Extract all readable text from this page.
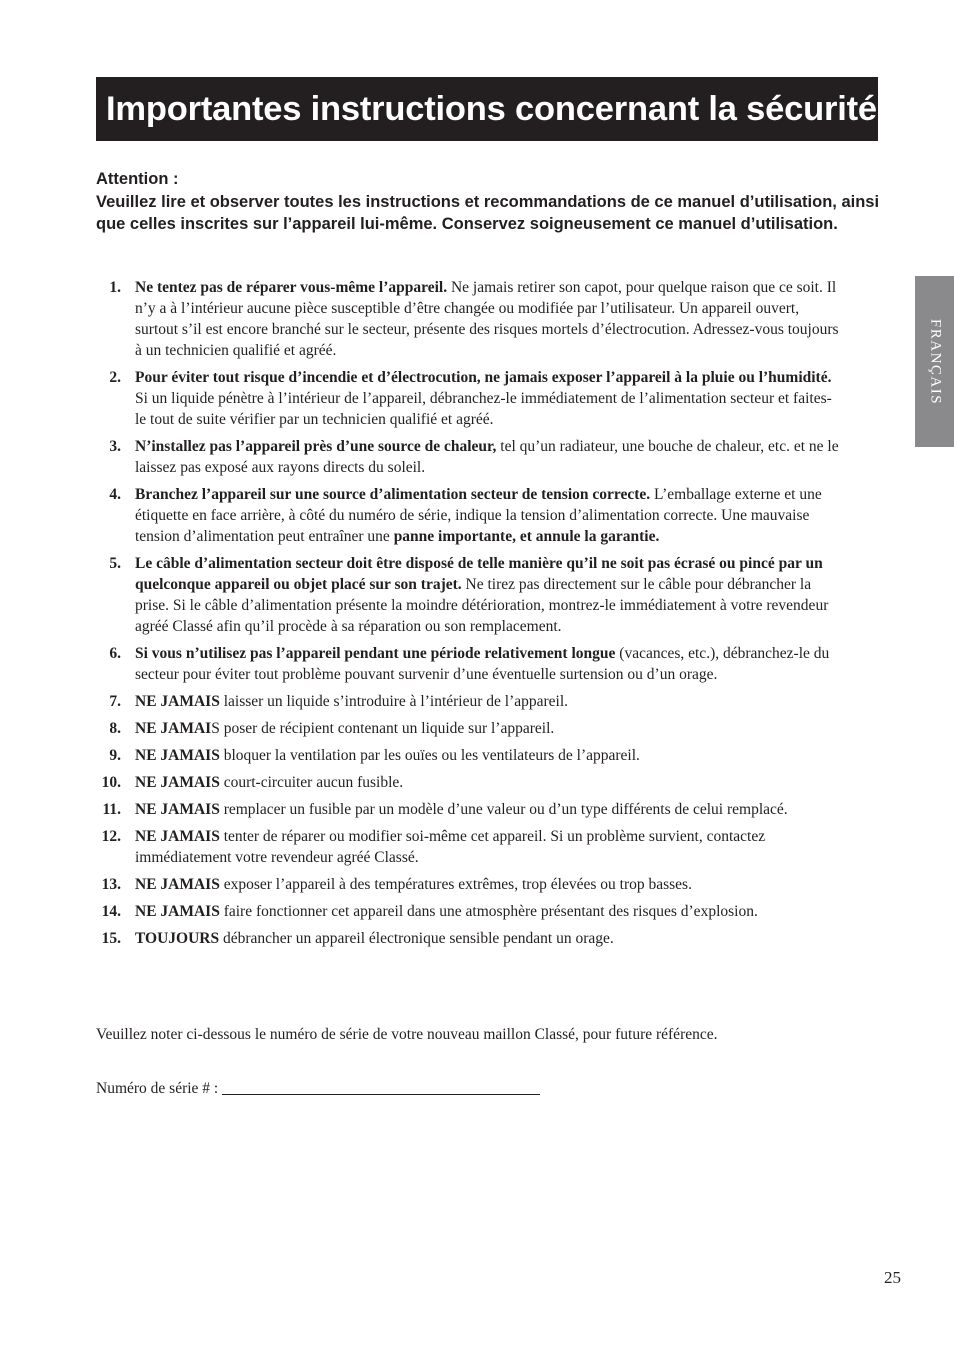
Importantes instructions concernant la sécurité
FRANÇAIS

Attention :

Veuillez lire et observer toutes les instructions et recommandations de ce manuel d’utilisation, ainsi que celles inscrites sur l’appareil lui-même. Conservez soigneusement ce manuel d’utilisation.

1. Ne tentez pas de réparer vous-même l’appareil. Ne jamais retirer son capot, pour quelque raison que ce soit. Il n’y a à l’intérieur aucune pièce susceptible d’être changée ou modifiée par l’utilisateur. Un appareil ouvert, surtout s’il est encore branché sur le secteur, présente des risques mortels d’électrocution. Adressez-vous toujours à un technicien qualifié et agréé.
2. Pour éviter tout risque d’incendie et d’électrocution, ne jamais exposer l’appareil à la pluie ou l’humidité. Si un liquide pénètre à l’intérieur de l’appareil, débranchez-le immédiatement de l’alimentation secteur et faites-le tout de suite vérifier par un technicien qualifié et agréé.
3. N’installez pas l’appareil près d’une source de chaleur, tel qu’un radiateur, une bouche de chaleur, etc. et ne le laissez pas exposé aux rayons directs du soleil.
4. Branchez l’appareil sur une source d’alimentation secteur de tension correcte. L’emballage externe et une étiquette en face arrière, à côté du numéro de série, indique la tension d’alimentation correcte. Une mauvaise tension d’alimentation peut entraîner une panne importante, et annule la garantie.
5. Le câble d’alimentation secteur doit être disposé de telle manière qu’il ne soit pas écrasé ou pincé par un quelconque appareil ou objet placé sur son trajet. Ne tirez pas directement sur le câble pour débrancher la prise. Si le câble d’alimentation présente la moindre détérioration, montrez-le immédiatement à votre revendeur agréé Classé afin qu’il procède à sa réparation ou son remplacement.
6. Si vous n’utilisez pas l’appareil pendant une période relativement longue (vacances, etc.), débranchez-le du secteur pour éviter tout problème pouvant survenir d’une éventuelle surtension ou d’un orage.
7. NE JAMAIS laisser un liquide s’introduire à l’intérieur de l’appareil.
8. NE JAMAIS poser de récipient contenant un liquide sur l’appareil.
9. NE JAMAIS bloquer la ventilation par les ouïes ou les ventilateurs de l’appareil.
10. NE JAMAIS court-circuiter aucun fusible.
11. NE JAMAIS remplacer un fusible par un modèle d’une valeur ou d’un type différents de celui remplacé.
12. NE JAMAIS tenter de réparer ou modifier soi-même cet appareil. Si un problème survient, contactez immédiatement votre revendeur agréé Classé.
13. NE JAMAIS exposer l’appareil à des températures extrêmes, trop élevées ou trop basses.
14. NE JAMAIS faire fonctionner cet appareil dans une atmosphère présentant des risques d’explosion.
15. TOUJOURS débrancher un appareil électronique sensible pendant un orage.

Veuillez noter ci-dessous le numéro de série de votre nouveau maillon Classé, pour future référence.

Numéro de série # :

25
